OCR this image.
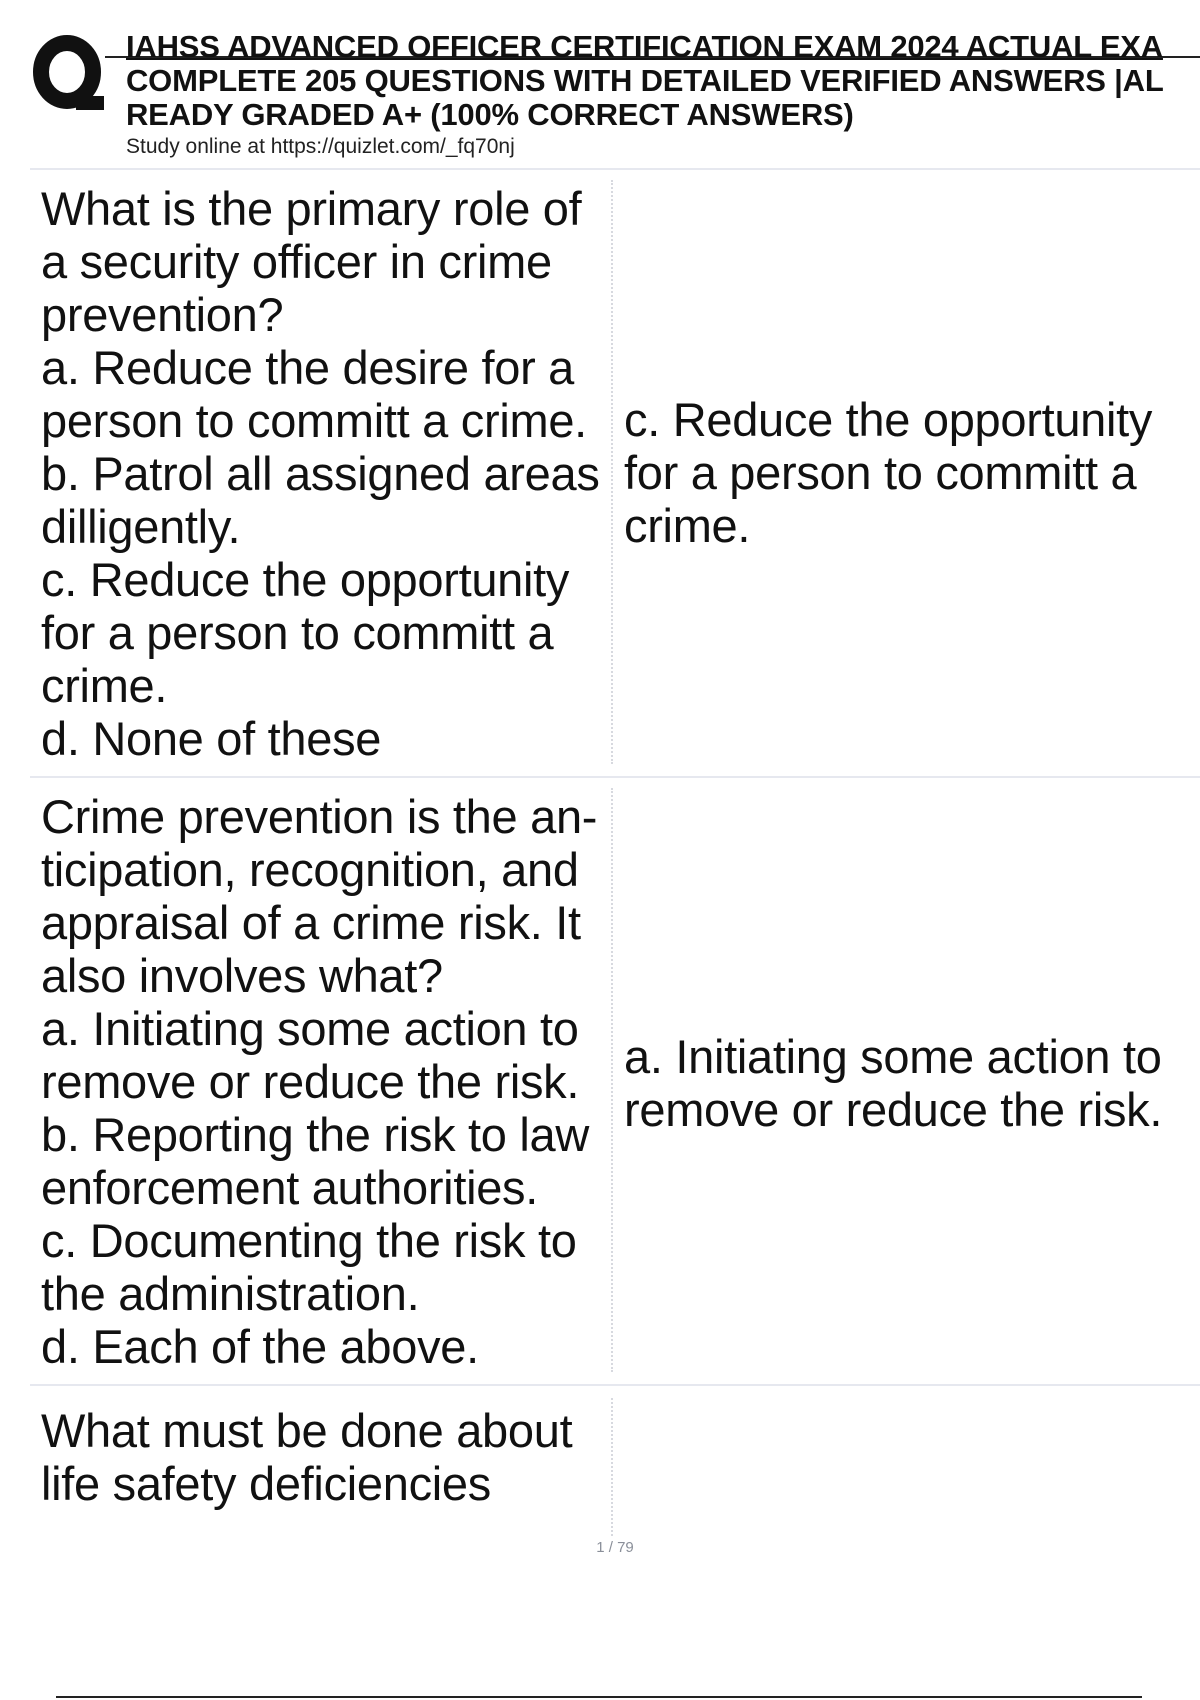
IAHSS ADVANCED OFFICER CERTIFICATION EXAM 2024 ACTUAL EXA
COMPLETE 205 QUESTIONS WITH DETAILED VERIFIED ANSWERS |AL
READY GRADED A+ (100% CORRECT ANSWERS)
Study online at https://quizlet.com/_fq70nj
What is the primary role of
a security officer in crime
prevention?
a. Reduce the desire for a
person to committ a crime.
b. Patrol all assigned areas
dilligently.
c. Reduce the opportunity
for a person to committ a
crime.
d. None of these
c. Reduce the opportunity
for a person to committ a
crime.
Crime prevention is the an-
ticipation, recognition, and
appraisal of a crime risk. It
also involves what?
a. Initiating some action to
remove or reduce the risk.
b. Reporting the risk to law
enforcement authorities.
c. Documenting the risk to
the administration.
d. Each of the above.
a. Initiating some action to
remove or reduce the risk.
What must be done about
life safety deficiencies
1 / 79
